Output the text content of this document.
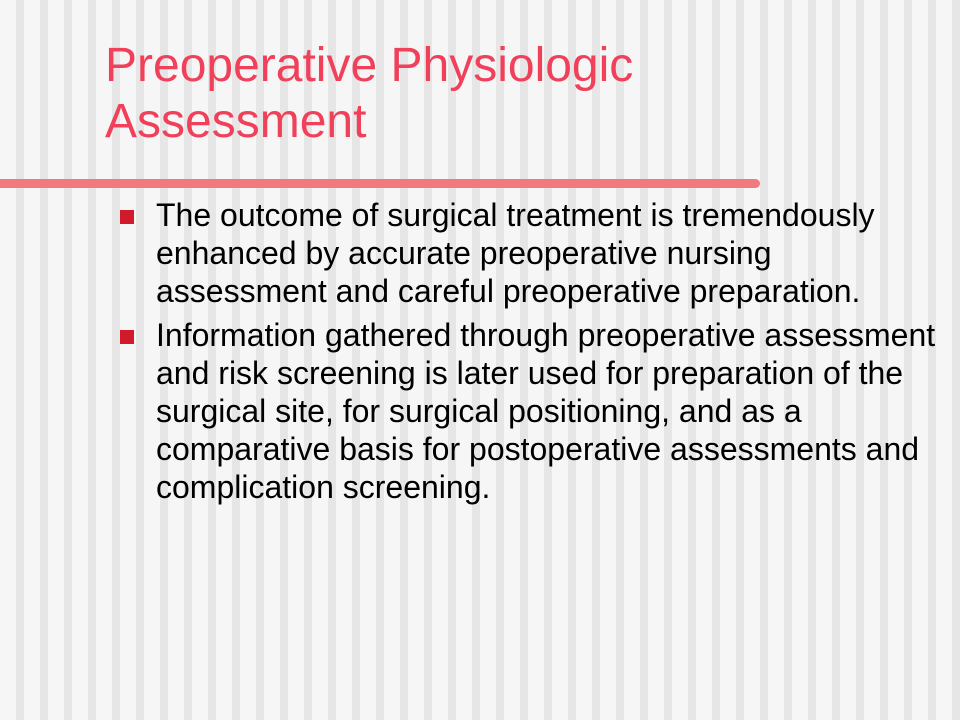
Preoperative Physiologic Assessment
The outcome of surgical treatment is tremendously enhanced by accurate preoperative nursing assessment and careful preoperative preparation.
Information gathered through preoperative assessment and risk screening is later used for preparation of the surgical site, for surgical positioning, and as a comparative basis for postoperative assessments and complication screening.
